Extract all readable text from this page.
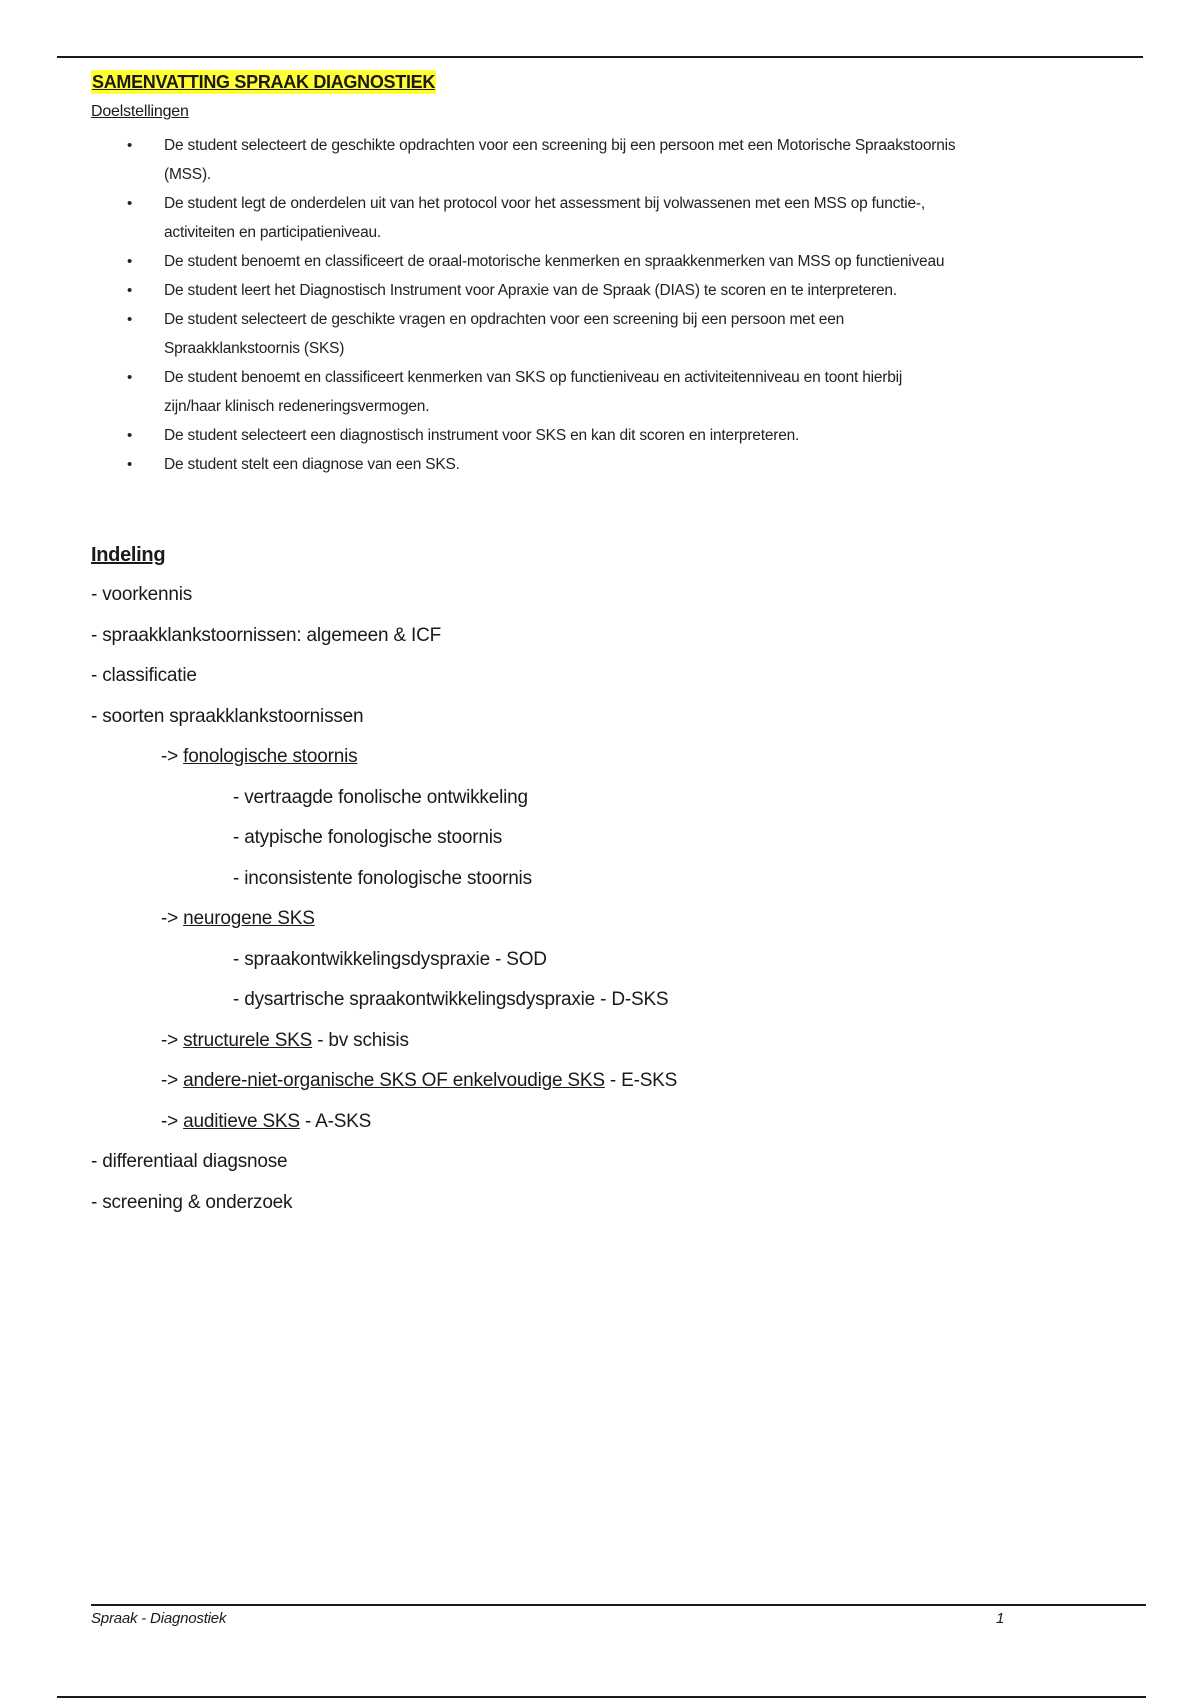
SAMENVATTING SPRAAK DIAGNOSTIEK
Doelstellingen
• De student selecteert de geschikte opdrachten voor een screening bij een persoon met een Motorische Spraakstoornis
(MSS).
• De student legt de onderdelen uit van het protocol voor het assessment bij volwassenen met een MSS op functie-,
activiteiten en participatieniveau.
• De student benoemt en classificeert de oraal-motorische kenmerken en spraakkenmerken van MSS op functieniveau
• De student leert het Diagnostisch Instrument voor Apraxie van de Spraak (DIAS) te scoren en te interpreteren.
• De student selecteert de geschikte vragen en opdrachten voor een screening bij een persoon met een
Spraakklankstoornis (SKS)
• De student benoemt en classificeert kenmerken van SKS op functieniveau en activiteitenniveau en toont hierbij
zijn/haar klinisch redeneringsvermogen.
• De student selecteert een diagnostisch instrument voor SKS en kan dit scoren en interpreteren.
• De student stelt een diagnose van een SKS.
Indeling
- voorkennis
- spraakklankstoornissen: algemeen & ICF
- classificatie
- soorten spraakklankstoornissen
-> fonologische stoornis
- vertraagde fonolische ontwikkeling
- atypische fonologische stoornis
- inconsistente fonologische stoornis
-> neurogene SKS
- spraakontwikkelingsdyspraxie - SOD
- dysartrische spraakontwikkelingsdyspraxie - D-SKS
-> structurele SKS - bv schisis
-> andere-niet-organische SKS OF enkelvoudige SKS - E-SKS
-> auditieve SKS - A-SKS
- differentiaal diagsnose
- screening & onderzoek
Spraak - Diagnostiek	1
